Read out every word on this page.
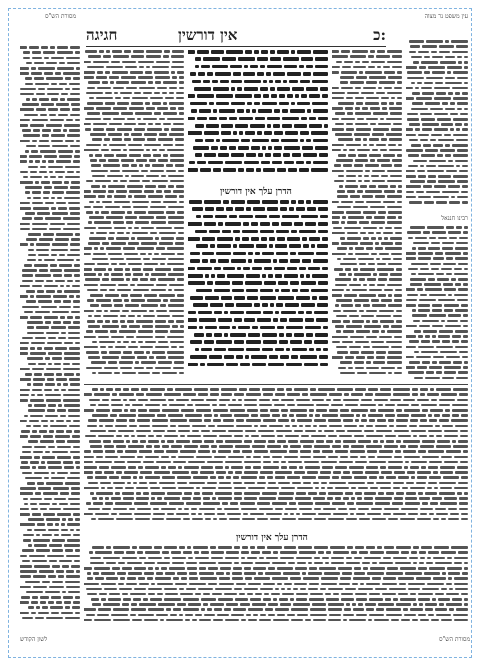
מסורת הש"ס	עין משפט נר מצוה
כ:
אין דורשין
חגיגה
הדרן עלך אין דורשין
רבינו חננאל
הדרן עלך אין דורשין
מסורת הש"ס
לשון הקודש
